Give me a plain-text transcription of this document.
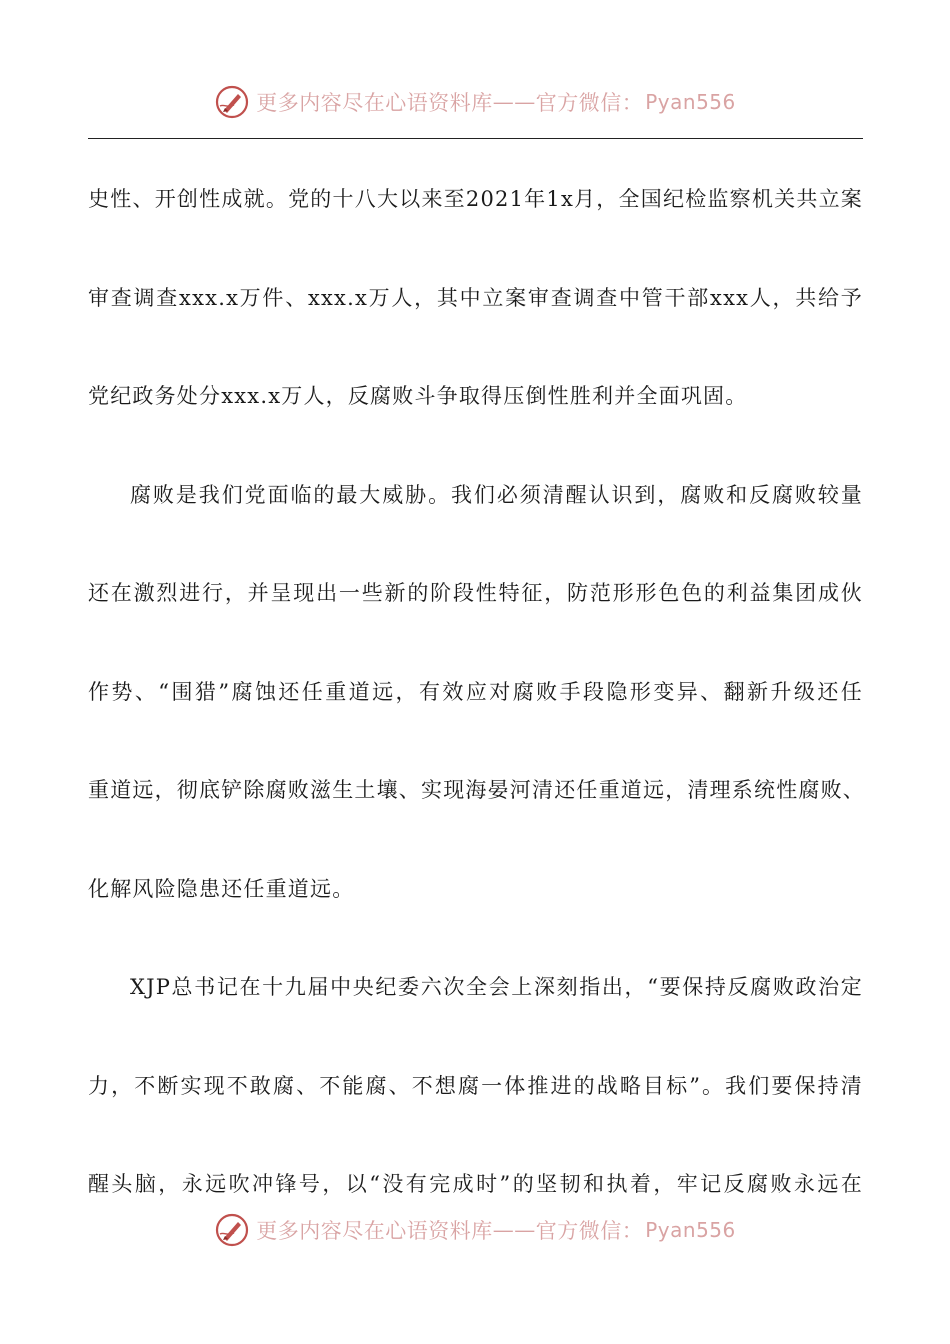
更多内容尽在心语资料库 —— 官方微信： Pyan556
史性、开创性成就。党的十八大以来至2021年1x月，全国纪检监察机关共立案
审查调查xxx.x万件、xxx.x万人，其中立案审查调查中管干部xxx人，共给予
党纪政务处分xxx.x万人，反腐败斗争取得压倒性胜利并全面巩固。
腐败是我们党面临的最大威胁。我们必须清醒认识到，腐败和反腐败较量
还在激烈进行，并呈现出一些新的阶段性特征，防范形形色色的利益集团成伙
作势、“围猎”腐蚀还任重道远，有效应对腐败手段隐形变异、翻新升级还任
重道远，彻底铲除腐败滋生土壤、实现海晏河清还任重道远，清理系统性腐败、
化解风险隐患还任重道远。
XJP总书记在十九届中央纪委六次全会上深刻指出，“要保持反腐败政治定
力，不断实现不敢腐、不能腐、不想腐一体推进的战略目标”。我们要保持清
醒头脑，永远吹冲锋号，以“没有完成时”的坚韧和执着，牢记反腐败永远在
更多内容尽在心语资料库 —— 官方微信： Pyan556
